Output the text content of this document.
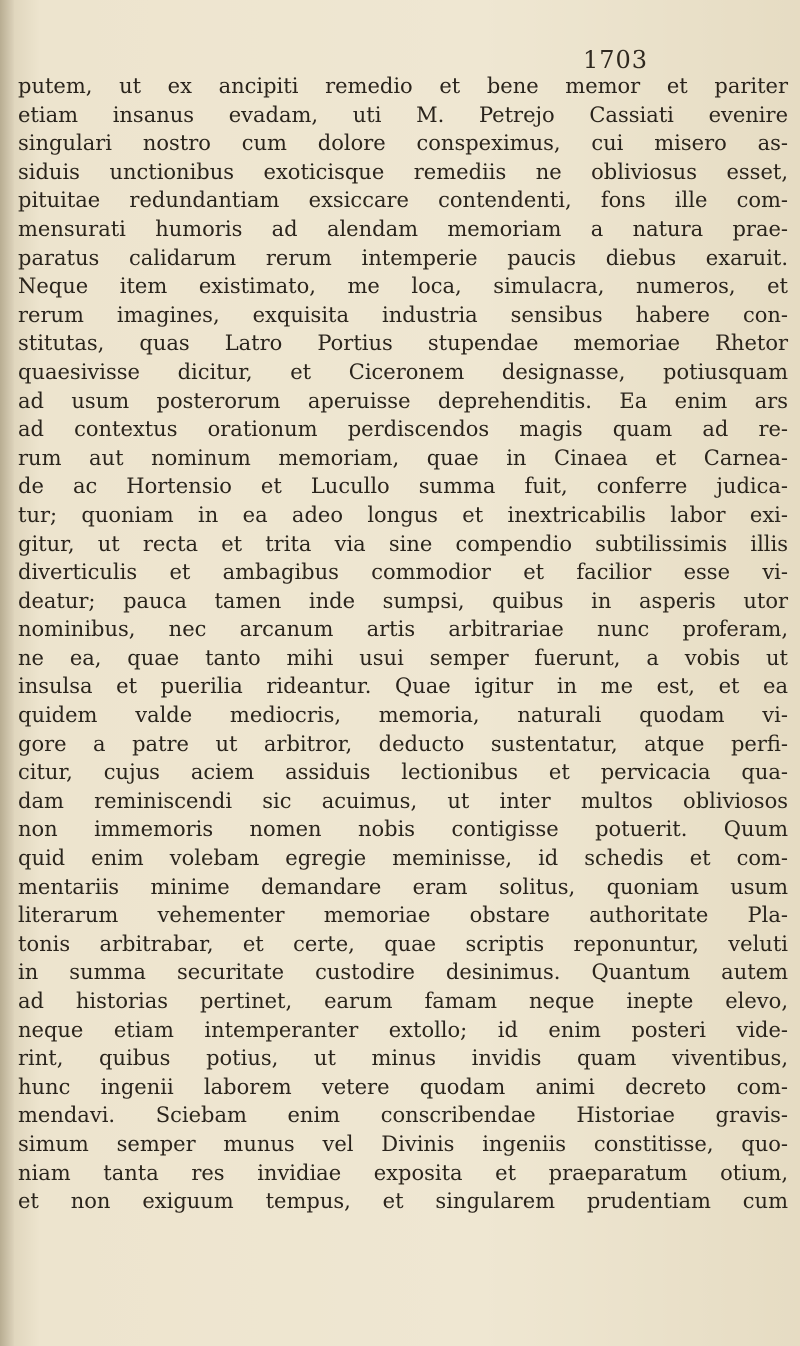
1703
putem, ut ex ancipiti remedio et bene memor et pariter
etiam insanus evadam, uti M. Petrejo Cassiati evenire
singulari nostro cum dolore conspeximus, cui misero as-
siduis unctionibus exoticisque remediis ne obliviosus esset,
pituitae redundantiam exsiccare contendenti, fons ille com-
mensurati humoris ad alendam memoriam a natura prae-
paratus calidarum rerum intemperie paucis diebus exaruit.
Neque item existimato, me loca, simulacra, numeros, et
rerum imagines, exquisita industria sensibus habere con-
stitutas, quas Latro Portius stupendae memoriae Rhetor
quaesivisse dicitur, et Ciceronem designasse, potiusquam
ad usum posterorum aperuisse deprehenditis. Ea enim ars
ad contextus orationum perdiscendos magis quam ad re-
rum aut nominum memoriam, quae in Cinaea et Carnea-
de ac Hortensio et Lucullo summa fuit, conferre judica-
tur; quoniam in ea adeo longus et inextricabilis labor exi-
gitur, ut recta et trita via sine compendio subtilissimis illis
diverticulis et ambagibus commodior et facilior esse vi-
deatur; pauca tamen inde sumpsi, quibus in asperis utor
nominibus, nec arcanum artis arbitrariae nunc proferam,
ne ea, quae tanto mihi usui semper fuerunt, a vobis ut
insulsa et puerilia rideantur. Quae igitur in me est, et ea
quidem valde mediocris, memoria, naturali quodam vi-
gore a patre ut arbitror, deducto sustentatur, atque perfi-
citur, cujus aciem assiduis lectionibus et pervicacia qua-
dam reminiscendi sic acuimus, ut inter multos obliviosos
non immemoris nomen nobis contigisse potuerit. Quum
quid enim volebam egregie meminisse, id schedis et com-
mentariis minime demandare eram solitus, quoniam usum
literarum vehementer memoriae obstare authoritate Pla-
tonis arbitrabar, et certe, quae scriptis reponuntur, veluti
in summa securitate custodire desinimus. Quantum autem
ad historias pertinet, earum famam neque inepte elevo,
neque etiam intemperanter extollo; id enim posteri vide-
rint, quibus potius, ut minus invidis quam viventibus,
hunc ingenii laborem vetere quodam animi decreto com-
mendavi. Sciebam enim conscribendae Historiae gravis-
simum semper munus vel Divinis ingeniis constitisse, quo-
niam tanta res invidiae exposita et praeparatum otium,
et non exiguum tempus, et singularem prudentiam cum
